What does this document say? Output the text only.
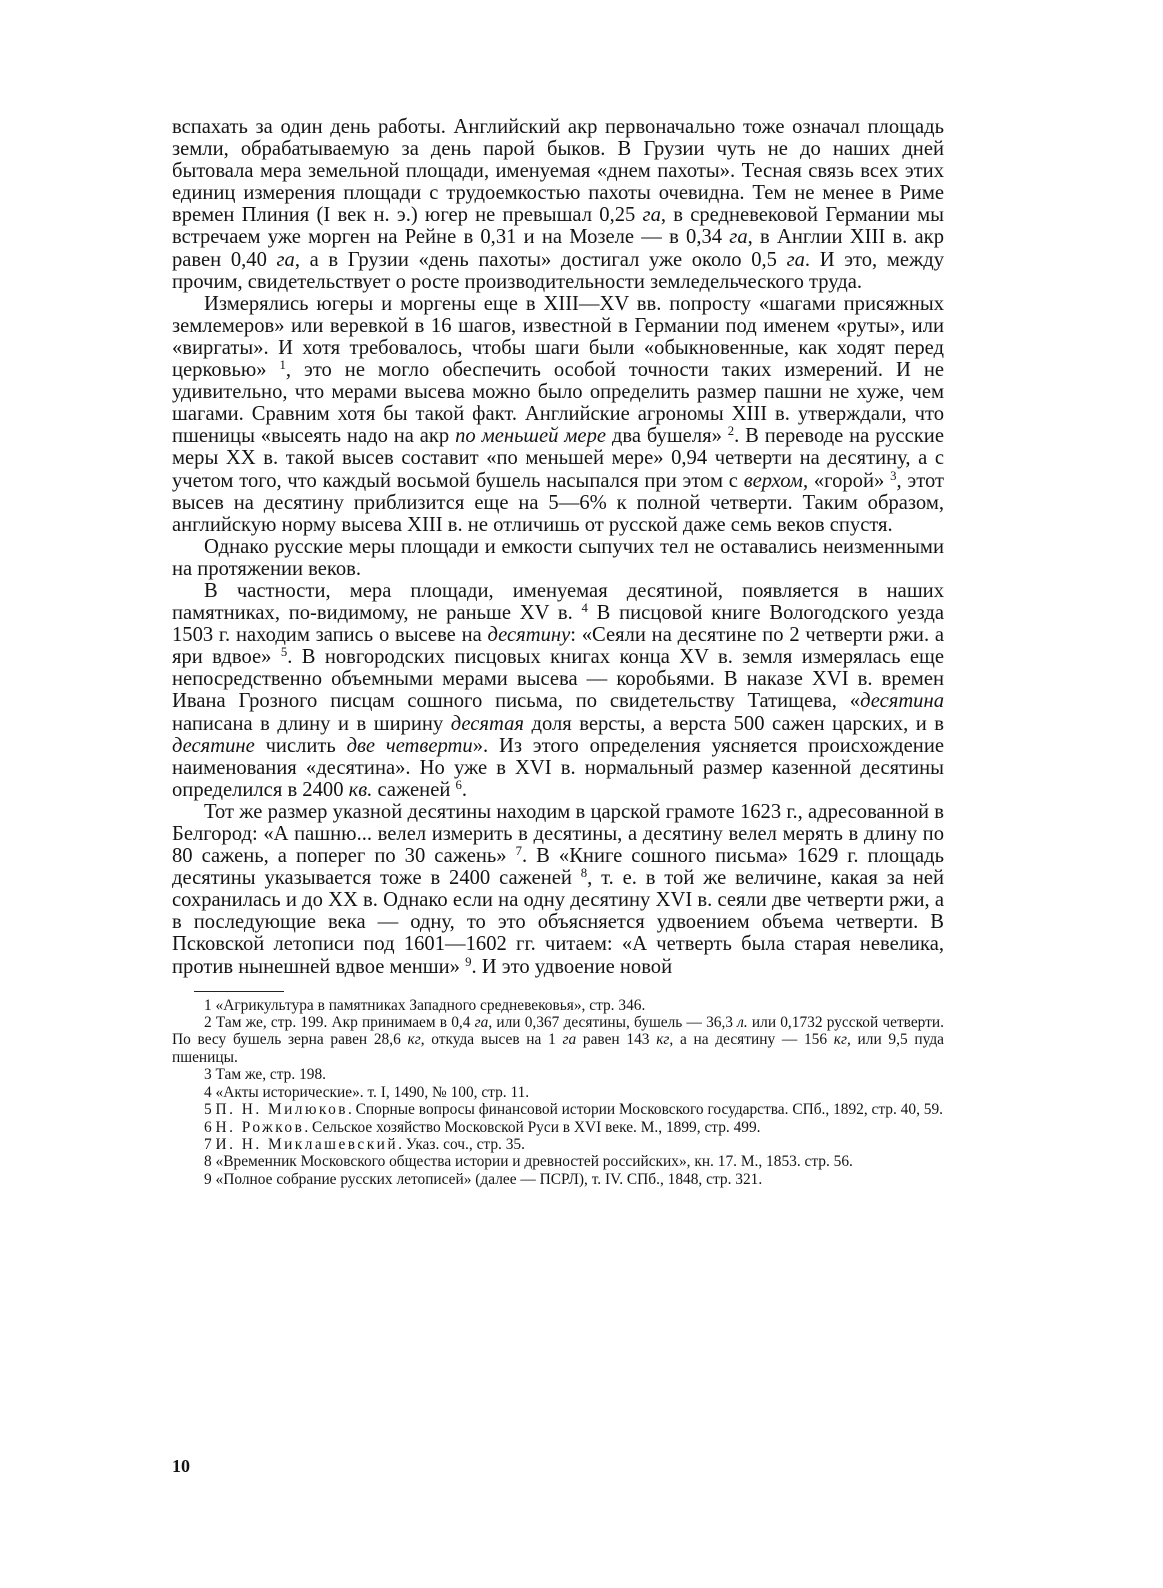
вспахать за один день работы. Английский акр первоначально тоже означал площадь земли, обрабатываемую за день парой быков. В Грузии чуть не до наших дней бытовала мера земельной площади, именуемая «днем пахоты». Тесная связь всех этих единиц измерения площади с трудоемкостью пахоты очевидна. Тем не менее в Риме времен Плиния (I век н. э.) югер не превышал 0,25 га, в средневековой Германии мы встречаем уже морген на Рейне в 0,31 и на Мозеле — в 0,34 га, в Англии XIII в. акр равен 0,40 га, а в Грузии «день пахоты» достигал уже около 0,5 га. И это, между прочим, свидетельствует о росте производительности земледельческого труда.

Измерялись югеры и моргены еще в XIII—XV вв. попросту «шагами присяжных землемеров» или веревкой в 16 шагов, известной в Германии под именем «руты», или «виргаты». И хотя требовалось, чтобы шаги были «обыкновенные, как ходят перед церковью» $^1$, это не могло обеспечить особой точности таких измерений. И не удивительно, что мерами высева можно было определить размер пашни не хуже, чем шагами. Сравним хотя бы такой факт. Английские агрономы XIII в. утверждали, что пшеницы «высеять надо на акр по меньшей мере два бушеля» $^2$. В переводе на русские меры XX в. такой высев составит «по меньшей мере» 0,94 четверти на десятину, а с учетом того, что каждый восьмой бушель насыпался при этом с верхом, «горой» $^3$, этот высев на десятину приблизится еще на 5—6% к полной четверти. Таким образом, английскую норму высева XIII в. не отличишь от русской даже семь веков спустя.

Однако русские меры площади и емкости сыпучих тел не оставались неизменными на протяжении веков.

В частности, мера площади, именуемая десятиной, появляется в наших памятниках, по-видимому, не раньше XV в. $^4$ В писцовой книге Вологодского уезда 1503 г. находим запись о высеве на десятину: «Сеяли на десятине по 2 четверти ржи. а яри вдвое» $^5$. В новгородских писцовых книгах конца XV в. земля измерялась еще непосредственно объемными мерами высева — коробьями. В наказе XVI в. времен Ивана Грозного писцам сошного письма, по свидетельству Татищева, «десятина написана в длину и в ширину десятая доля версты, а верста 500 сажен царских, и в десятине числить две четверти». Из этого определения уясняется происхождение наименования «десятина». Но уже в XVI в. нормальный размер казенной десятины определился в 2400 кв. саженей $^6$.

Тот же размер указной десятины находим в царской грамоте 1623 г., адресованной в Белгород: «А пашню... велел измерить в десятины, а десятину велел мерять в длину по 80 сажень, а поперег по 30 сажень» $^7$. В «Книге сошного письма» 1629 г. площадь десятины указывается тоже в 2400 саженей $^8$, т. е. в той же величине, какая за ней сохранилась и до XX в. Однако если на одну десятину XVI в. сеяли две четверти ржи, а в последующие века — одну, то это объясняется удвоением объема четверти. В Псковской летописи под 1601—1602 гг. читаем: «А четверть была старая невелика, против нынешней вдвое менши» $^9$. И это удвоение новой

1 «Агрикультура в памятниках Западного средневековья», стр. 346.

2 Там же, стр. 199. Акр принимаем в 0,4 га, или 0,367 десятины, бушель — 36,3 л. или 0,1732 русской четверти. По весу бушель зерна равен 28,6 кг, откуда высев на 1 га равен 143 кг, а на десятину — 156 кг, или 9,5 пуда пшеницы.

3 Там же, стр. 198.

4 «Акты исторические». т. I, 1490, № 100, стр. 11.

5 П. Н. Милюков. Спорные вопросы финансовой истории Московского государства. СПб., 1892, стр. 40, 59.

6 Н. Рожков. Сельское хозяйство Московской Руси в XVI веке. М., 1899, стр. 499.

7 И. Н. Миклашевский. Указ. соч., стр. 35.

8 «Временник Московского общества истории и древностей российских», кн. 17. М., 1853. стр. 56.

9 «Полное собрание русских летописей» (далее — ПСРЛ), т. IV. СПб., 1848, стр. 321.

10
